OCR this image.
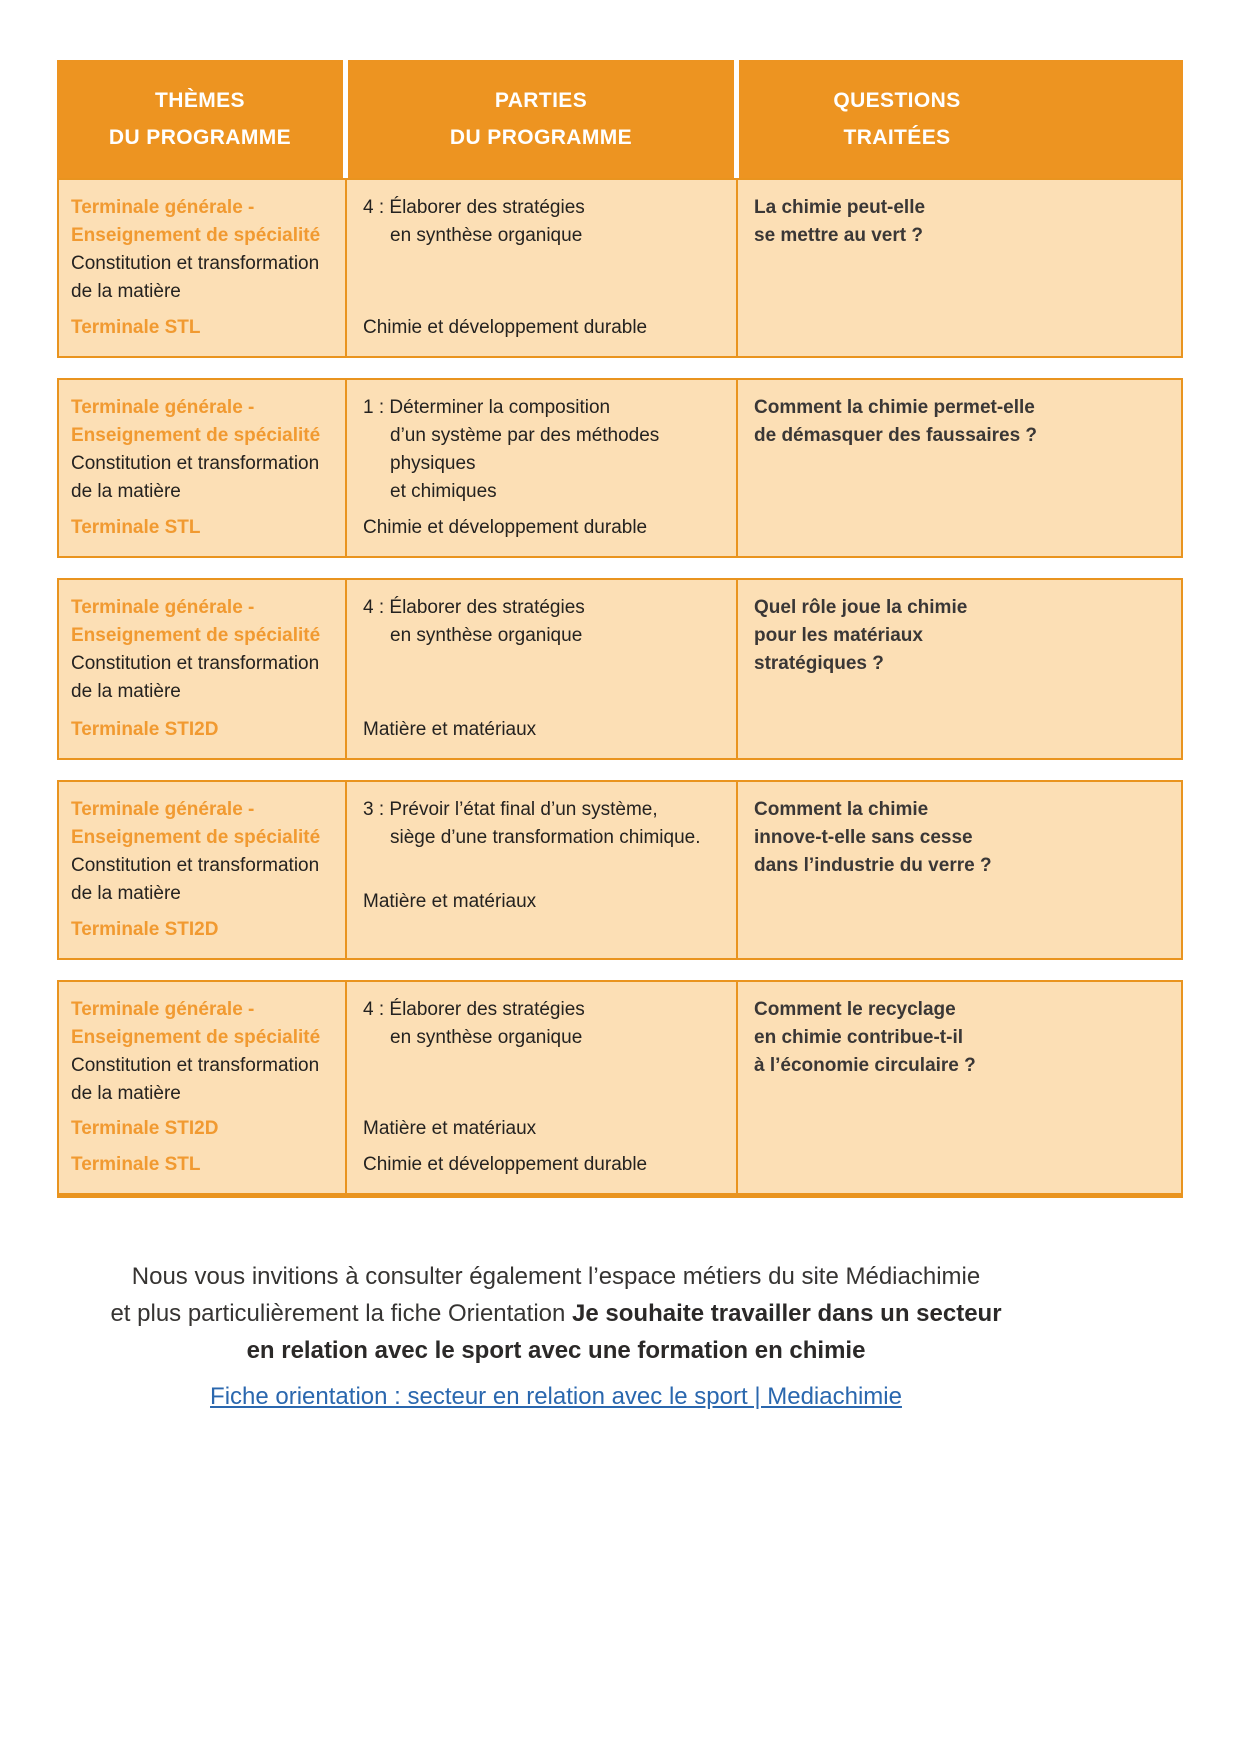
THÈMES
DU PROGRAMME
PARTIES
DU PROGRAMME
QUESTIONS
TRAITÉES
Terminale générale -
Enseignement de spécialité
Constitution et transformation
de la matière
Terminale STL
4 : Élaborer des stratégies
en synthèse organique
Chimie et développement durable
La chimie peut-elle
se mettre au vert ?
Terminale générale -
Enseignement de spécialité
Constitution et transformation
de la matière
Terminale STL
1 : Déterminer la composition
d’un système par des méthodes
physiques
et chimiques
Chimie et développement durable
Comment la chimie permet-elle
de démasquer des faussaires ?
Terminale générale -
Enseignement de spécialité
Constitution et transformation
de la matière
Terminale STI2D
4 : Élaborer des stratégies
en synthèse organique
Matière et matériaux
Quel rôle joue la chimie
pour les matériaux
stratégiques ?
Terminale générale -
Enseignement de spécialité
Constitution et transformation
de la matière
Terminale STI2D
3 : Prévoir l’état final d’un système,
siège d’une transformation chimique.
Matière et matériaux
Comment la chimie
innove-t-elle sans cesse
dans l’industrie du verre ?
Terminale générale -
Enseignement de spécialité
Constitution et transformation
de la matière
Terminale STI2D
Terminale STL
4 : Élaborer des stratégies
en synthèse organique
Matière et matériaux
Chimie et développement durable
Comment le recyclage
en chimie contribue-t-il
à l’économie circulaire ?
Nous vous invitions à consulter également l’espace métiers du site Médiachimie
et plus particulièrement la fiche Orientation Je souhaite travailler dans un secteur
en relation avec le sport avec une formation en chimie
Fiche orientation : secteur en relation avec le sport | Mediachimie
